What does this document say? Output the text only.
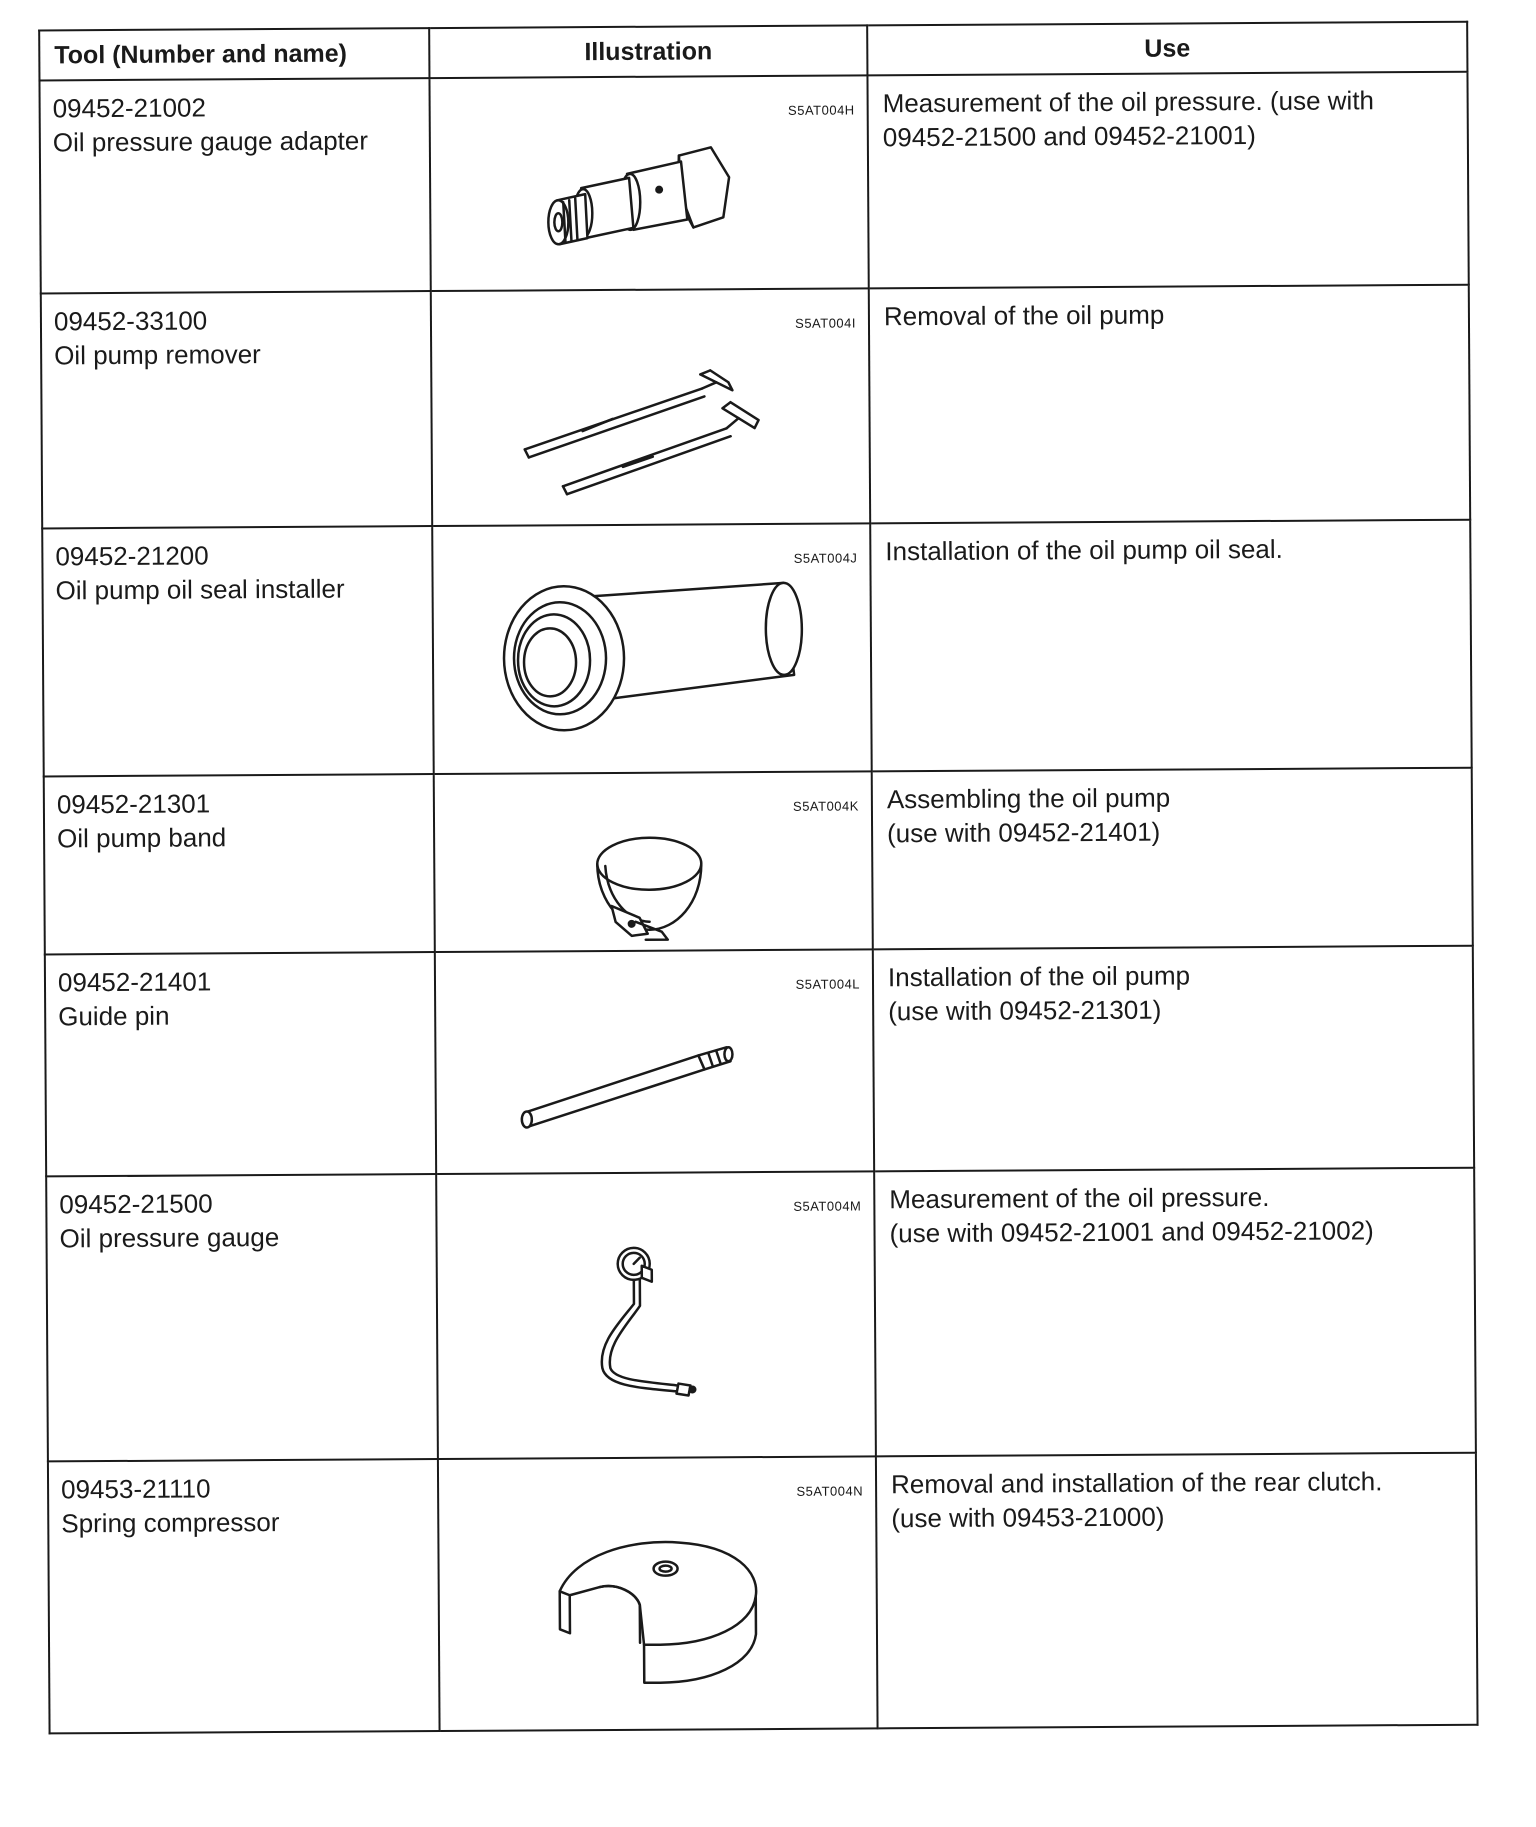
Tool (Number and name)	Illustration	Use

09452-21002
Oil pressure gauge adapter	S5AT004H	Measurement of the oil pressure. (use with
09452-21500 and 09452-21001)

09452-33100
Oil pump remover	S5AT004I	Removal of the oil pump

09452-21200
Oil pump oil seal installer	S5AT004J	Installation of the oil pump oil seal.

09452-21301
Oil pump band	S5AT004K	Assembling the oil pump
(use with 09452-21401)

09452-21401
Guide pin	S5AT004L	Installation of the oil pump
(use with 09452-21301)

09452-21500
Oil pressure gauge	S5AT004M	Measurement of the oil pressure.
(use with 09452-21001 and 09452-21002)

09453-21110
Spring compressor	S5AT004N	Removal and installation of the rear clutch.
(use with 09453-21000)
